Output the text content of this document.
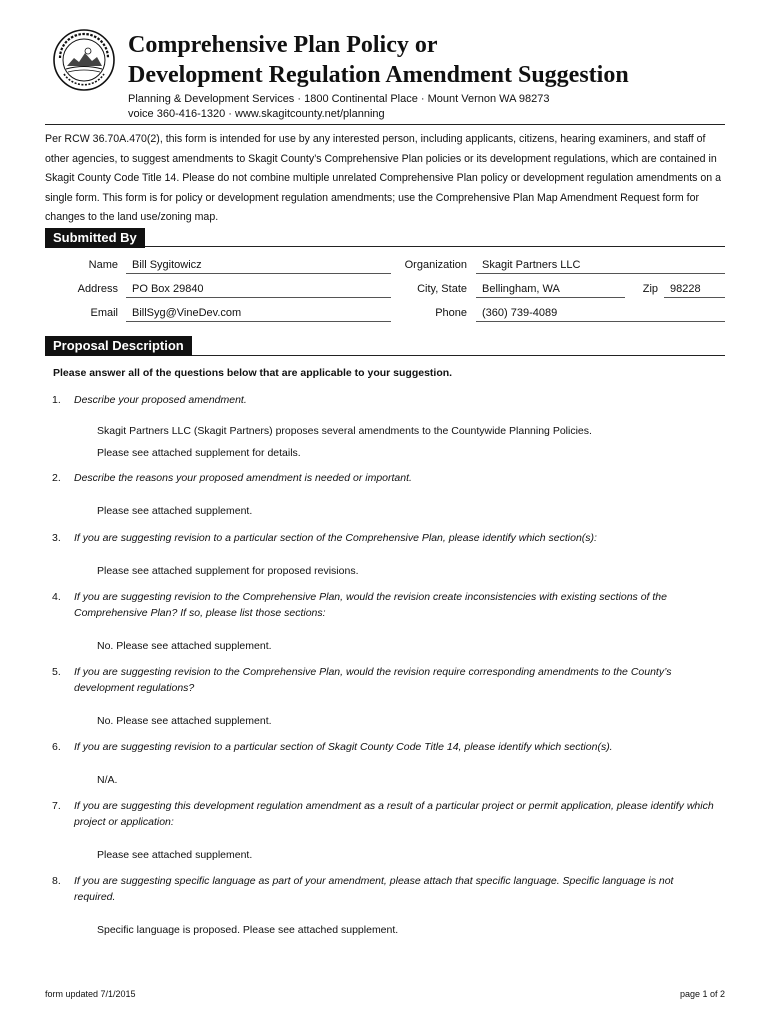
Comprehensive Plan Policy or
Development Regulation Amendment Suggestion
Planning & Development Services · 1800 Continental Place · Mount Vernon WA 98273
voice 360-416-1320 · www.skagitcounty.net/planning
Per RCW 36.70A.470(2), this form is intended for use by any interested person, including applicants, citizens, hearing examiners, and staff of other agencies, to suggest amendments to Skagit County’s Comprehensive Plan policies or its development regulations, which are contained in Skagit County Code Title 14. Please do not combine multiple unrelated Comprehensive Plan policy or development regulation amendments on a single form. This form is for policy or development regulation amendments; use the Comprehensive Plan Map Amendment Request form for changes to the land use/zoning map.
Submitted By
Name	Bill Sygitowicz	Organization	Skagit Partners LLC
Address	PO Box 29840	City, State	Bellingham, WA	Zip	98228
Email	BillSyg@VineDev.com	Phone	(360) 739-4089
Proposal Description
Please answer all of the questions below that are applicable to your suggestion.
1. Describe your proposed amendment.
Skagit Partners LLC (Skagit Partners) proposes several amendments to the Countywide Planning Policies.
Please see attached supplement for details.
2. Describe the reasons your proposed amendment is needed or important.
Please see attached supplement.
3. If you are suggesting revision to a particular section of the Comprehensive Plan, please identify which section(s):
Please see attached supplement for proposed revisions.
4. If you are suggesting revision to the Comprehensive Plan, would the revision create inconsistencies with existing sections of the Comprehensive Plan? If so, please list those sections:
No. Please see attached supplement.
5. If you are suggesting revision to the Comprehensive Plan, would the revision require corresponding amendments to the County’s development regulations?
No. Please see attached supplement.
6. If you are suggesting revision to a particular section of Skagit County Code Title 14, please identify which section(s).
N/A.
7. If you are suggesting this development regulation amendment as a result of a particular project or permit application, please identify which project or application:
Please see attached supplement.
8. If you are suggesting specific language as part of your amendment, please attach that specific language. Specific language is not required.
Specific language is proposed. Please see attached supplement.
form updated 7/1/2015	page 1 of 2
